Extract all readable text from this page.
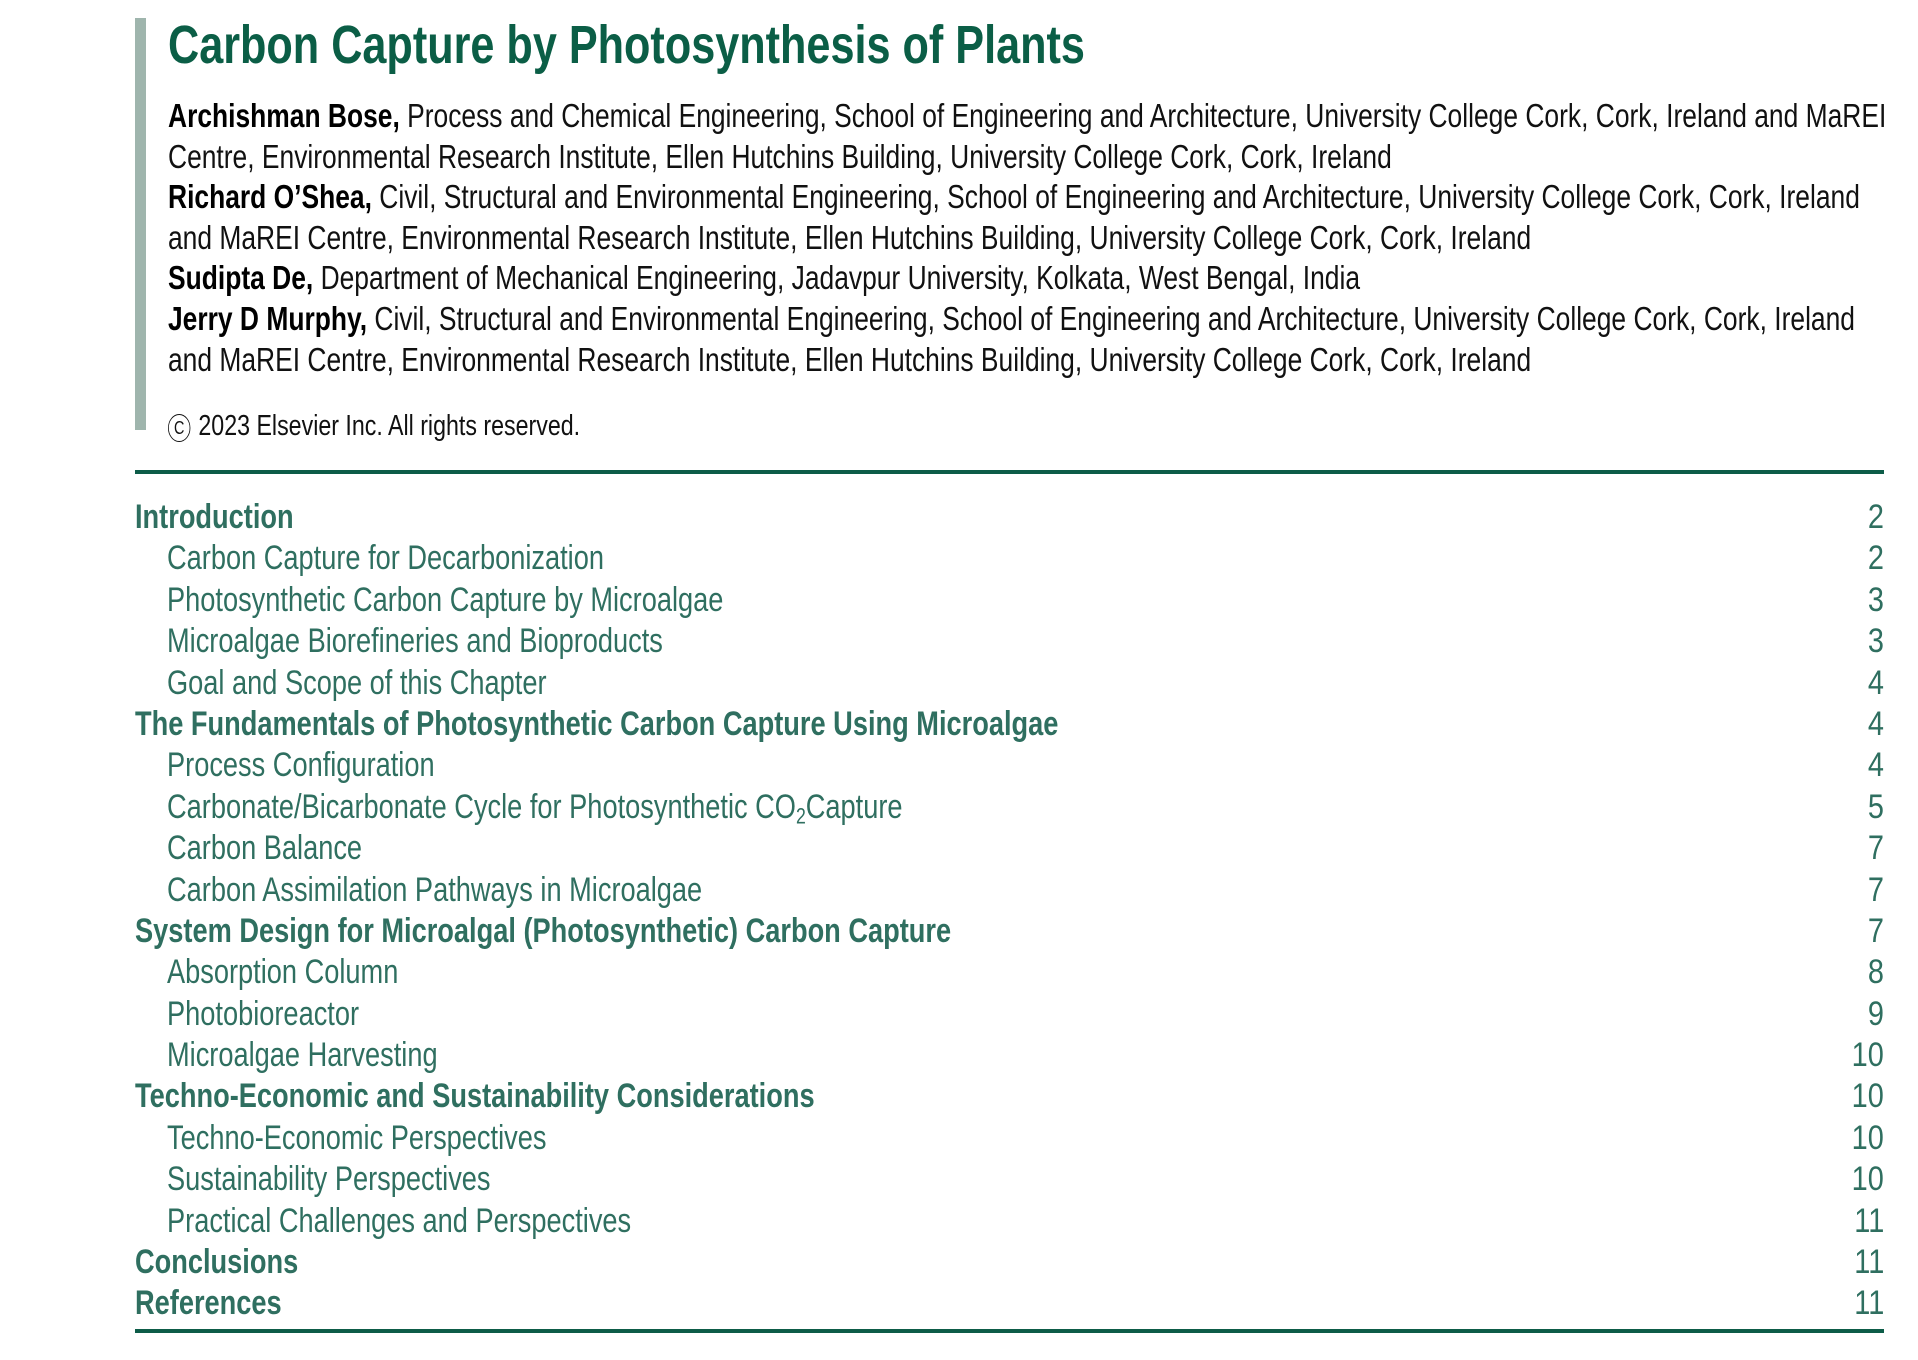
Carbon Capture by Photosynthesis of Plants
Archishman Bose, Process and Chemical Engineering, School of Engineering and Architecture, University College Cork, Cork, Ireland and MaREI Centre, Environmental Research Institute, Ellen Hutchins Building, University College Cork, Cork, Ireland
Richard O’Shea, Civil, Structural and Environmental Engineering, School of Engineering and Architecture, University College Cork, Cork, Ireland and MaREI Centre, Environmental Research Institute, Ellen Hutchins Building, University College Cork, Cork, Ireland
Sudipta De, Department of Mechanical Engineering, Jadavpur University, Kolkata, West Bengal, India
Jerry D Murphy, Civil, Structural and Environmental Engineering, School of Engineering and Architecture, University College Cork, Cork, Ireland and MaREI Centre, Environmental Research Institute, Ellen Hutchins Building, University College Cork, Cork, Ireland
C 2023 Elsevier Inc. All rights reserved.
Introduction	2
Carbon Capture for Decarbonization	2
Photosynthetic Carbon Capture by Microalgae	3
Microalgae Biorefineries and Bioproducts	3
Goal and Scope of this Chapter	4
The Fundamentals of Photosynthetic Carbon Capture Using Microalgae	4
Process Configuration	4
Carbonate/Bicarbonate Cycle for Photosynthetic $CO_2Capture$	5
Carbon Balance	7
Carbon Assimilation Pathways in Microalgae	7
System Design for Microalgal (Photosynthetic) Carbon Capture	7
Absorption Column	8
Photobioreactor	9
Microalgae Harvesting	10
Techno-Economic and Sustainability Considerations	10
Techno-Economic Perspectives	10
Sustainability Perspectives	10
Practical Challenges and Perspectives	11
Conclusions	11
References	11
